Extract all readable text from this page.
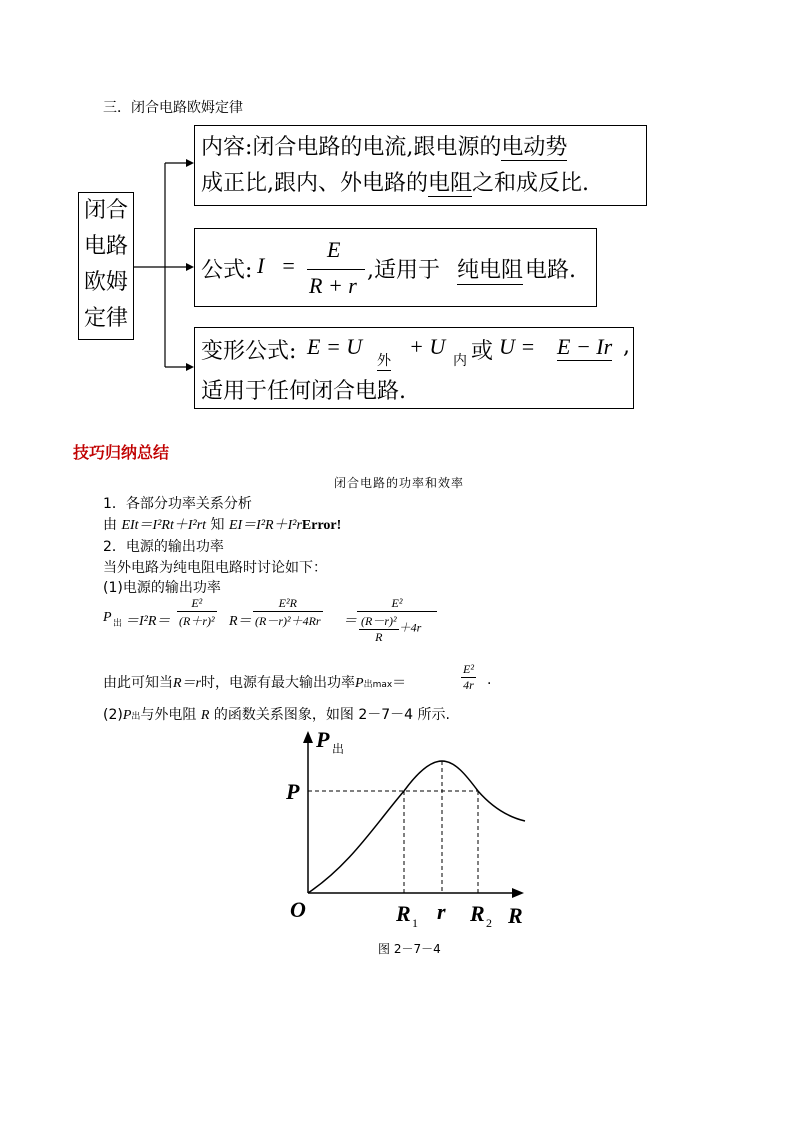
三．闭合电路欧姆定律
闭合
电路
欧姆
定律
内容:闭合电路的电流,跟电源的电动势
成正比,跟内、外电路的电阻之和成反比.
公式: I =
E
R + r
,适用于 纯电阻 电路.
变形公式: E = U
外
+ U
内 或 U = E − Ir ,
适用于任何闭合电路.
技巧归纳总结
闭合电路的功率和效率
1．各部分功率关系分析
由 EIt＝I²Rt＋I²rt 知 EI＝I²R＋I²rError!
2．电源的输出功率
当外电路为纯电阻电路时讨论如下：
(1)电源的输出功率
P 出 $=I^2R= \frac{\text{E²}}{\text{(R＋r)²}} R= \frac{\text{E²R}}{\text{(R－r)²＋4Rr}} = \frac{\text{E²}}{\frac{\text{(R－r)²}}{R} +4r}$
由此可知当R＝r时，电源有最大输出功率P出max＝	$\frac{\text{E²}}{4r}$ .
(2)P出与外电阻 R 的函数关系图象，如图 2－7－4 所示.
P 出
P
O	R 1 r R 2 R
图 2－7－4
